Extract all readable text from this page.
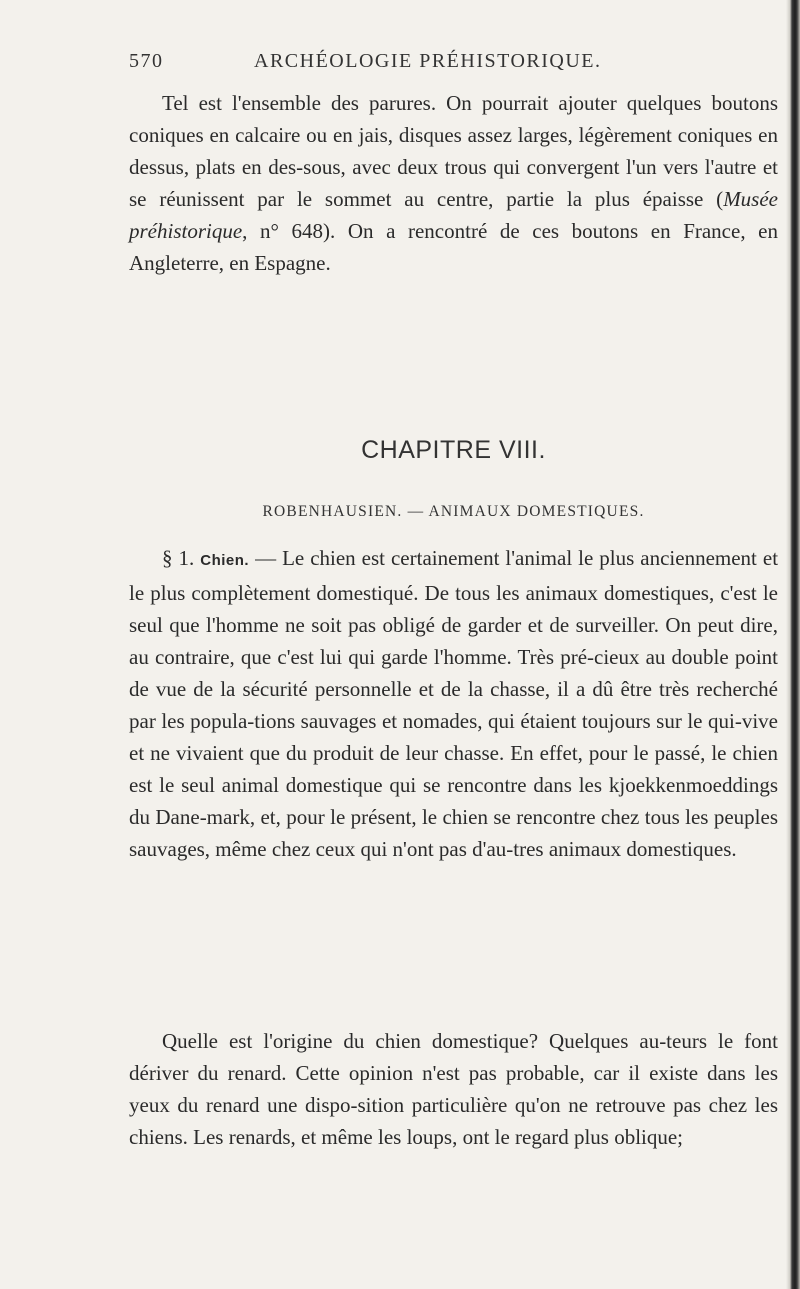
570	ARCHÉOLOGIE PRÉHISTORIQUE.
Tel est l'ensemble des parures. On pourrait ajouter quelques boutons coniques en calcaire ou en jais, disques assez larges, légèrement coniques en dessus, plats en des-sous, avec deux trous qui convergent l'un vers l'autre et se réunissent par le sommet au centre, partie la plus épaisse (Musée préhistorique, n° 648). On a rencontré de ces boutons en France, en Angleterre, en Espagne.
CHAPITRE VIII.
ROBENHAUSIEN. — ANIMAUX DOMESTIQUES.
§ 1. Chien. — Le chien est certainement l'animal le plus anciennement et le plus complètement domestiqué. De tous les animaux domestiques, c'est le seul que l'homme ne soit pas obligé de garder et de surveiller. On peut dire, au contraire, que c'est lui qui garde l'homme. Très pré-cieux au double point de vue de la sécurité personnelle et de la chasse, il a dû être très recherché par les popula-tions sauvages et nomades, qui étaient toujours sur le qui-vive et ne vivaient que du produit de leur chasse. En effet, pour le passé, le chien est le seul animal domestique qui se rencontre dans les kjoekkenmoeddings du Dane-mark, et, pour le présent, le chien se rencontre chez tous les peuples sauvages, même chez ceux qui n'ont pas d'au-tres animaux domestiques.
Quelle est l'origine du chien domestique? Quelques au-teurs le font dériver du renard. Cette opinion n'est pas probable, car il existe dans les yeux du renard une dispo-sition particulière qu'on ne retrouve pas chez les chiens. Les renards, et même les loups, ont le regard plus oblique;
